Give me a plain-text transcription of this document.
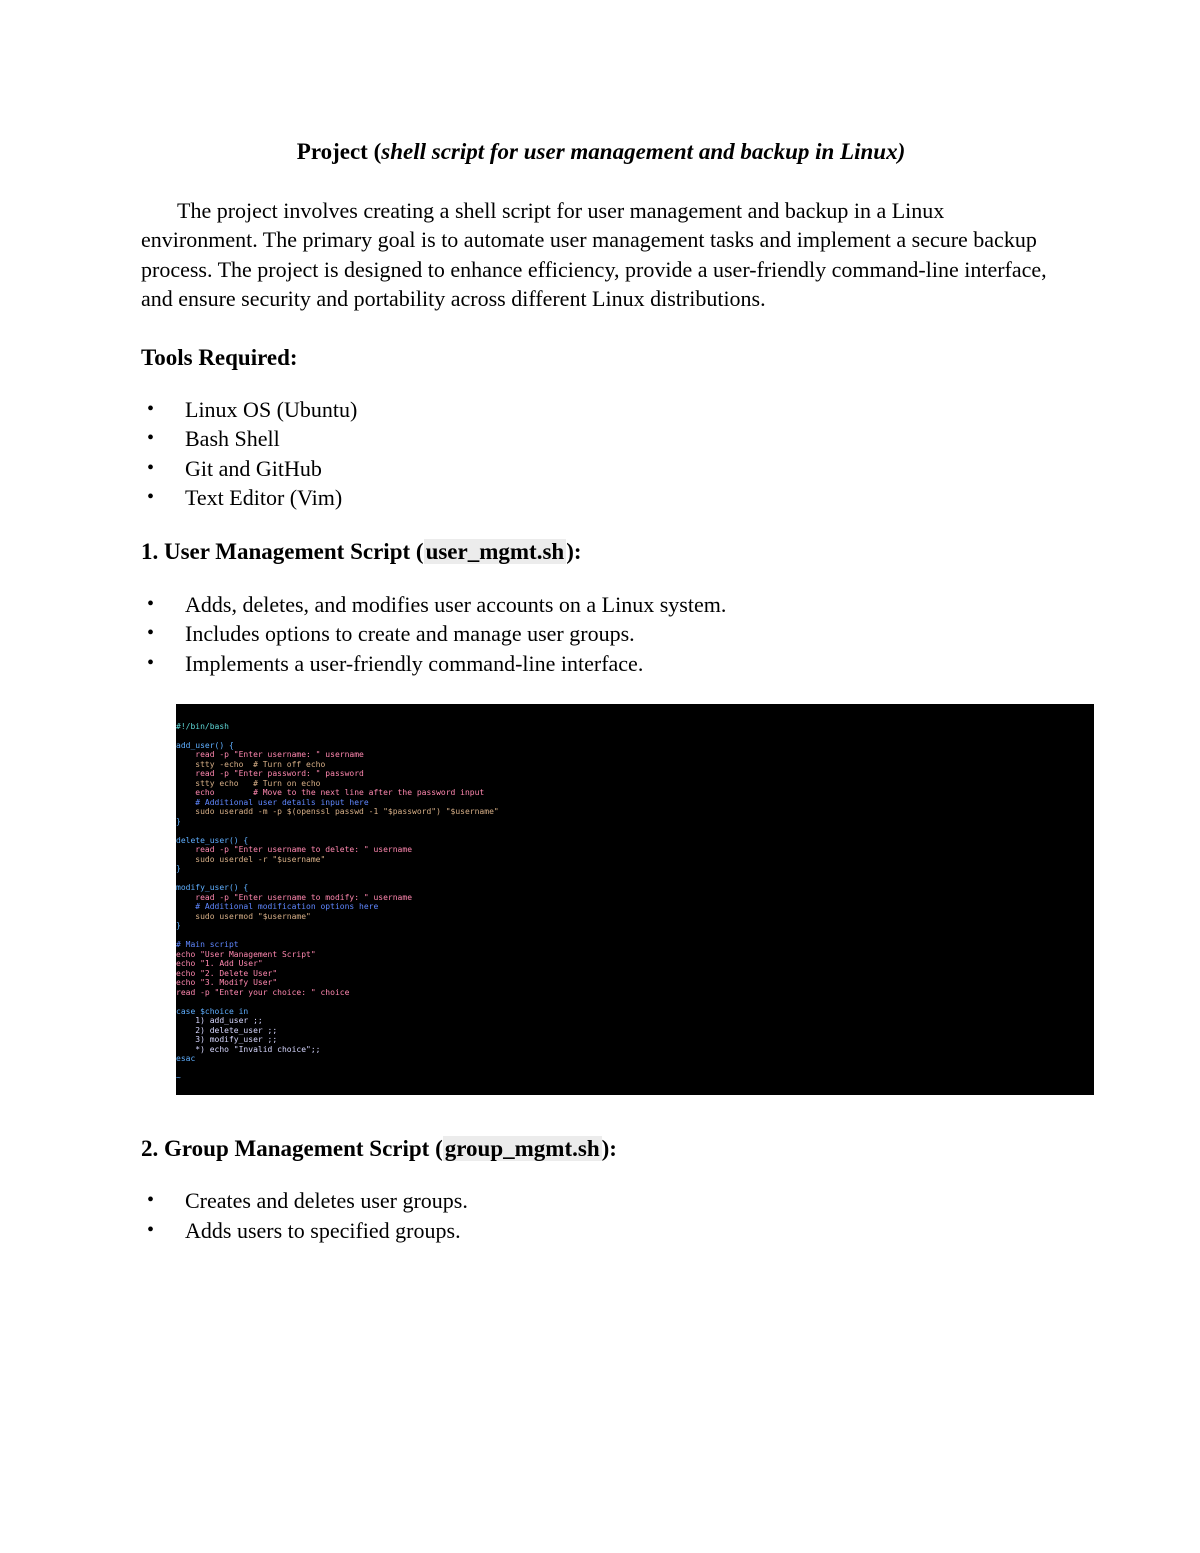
Project (shell script for user management and backup in Linux)

The project involves creating a shell script for user management and backup in a Linux environment. The primary goal is to automate user management tasks and implement a secure backup process. The project is designed to enhance efficiency, provide a user-friendly command-line interface, and ensure security and portability across different Linux distributions.

Tools Required:
• Linux OS (Ubuntu)
• Bash Shell
• Git and GitHub
• Text Editor (Vim)
1. User Management Script (user_mgmt.sh):
• Adds, deletes, and modifies user accounts on a Linux system.
• Includes options to create and manage user groups.
• Implements a user-friendly command-line interface.
#!/bin/bash

add_user() {
read -p "Enter username: " username
stty -echo  # Turn off echo
read -p "Enter password: " password
stty echo   # Turn on echo
echo        # Move to the next line after the password input
# Additional user details input here
sudo useradd -m -p $(openssl passwd -1 "$password") "$username"
}

delete_user() {
read -p "Enter username to delete: " username
sudo userdel -r "$username"
}

modify_user() {
read -p "Enter username to modify: " username
# Additional modification options here
sudo usermod "$username"
}

# Main script
echo "User Management Script"
echo "1. Add User"
echo "2. Delete User"
echo "3. Modify User"
read -p "Enter your choice: " choice

case $choice in
1) add_user ;;
2) delete_user ;;
3) modify_user ;;
*) echo "Invalid choice";;
esac

~

2. Group Management Script (group_mgmt.sh):
• Creates and deletes user groups.
• Adds users to specified groups.
